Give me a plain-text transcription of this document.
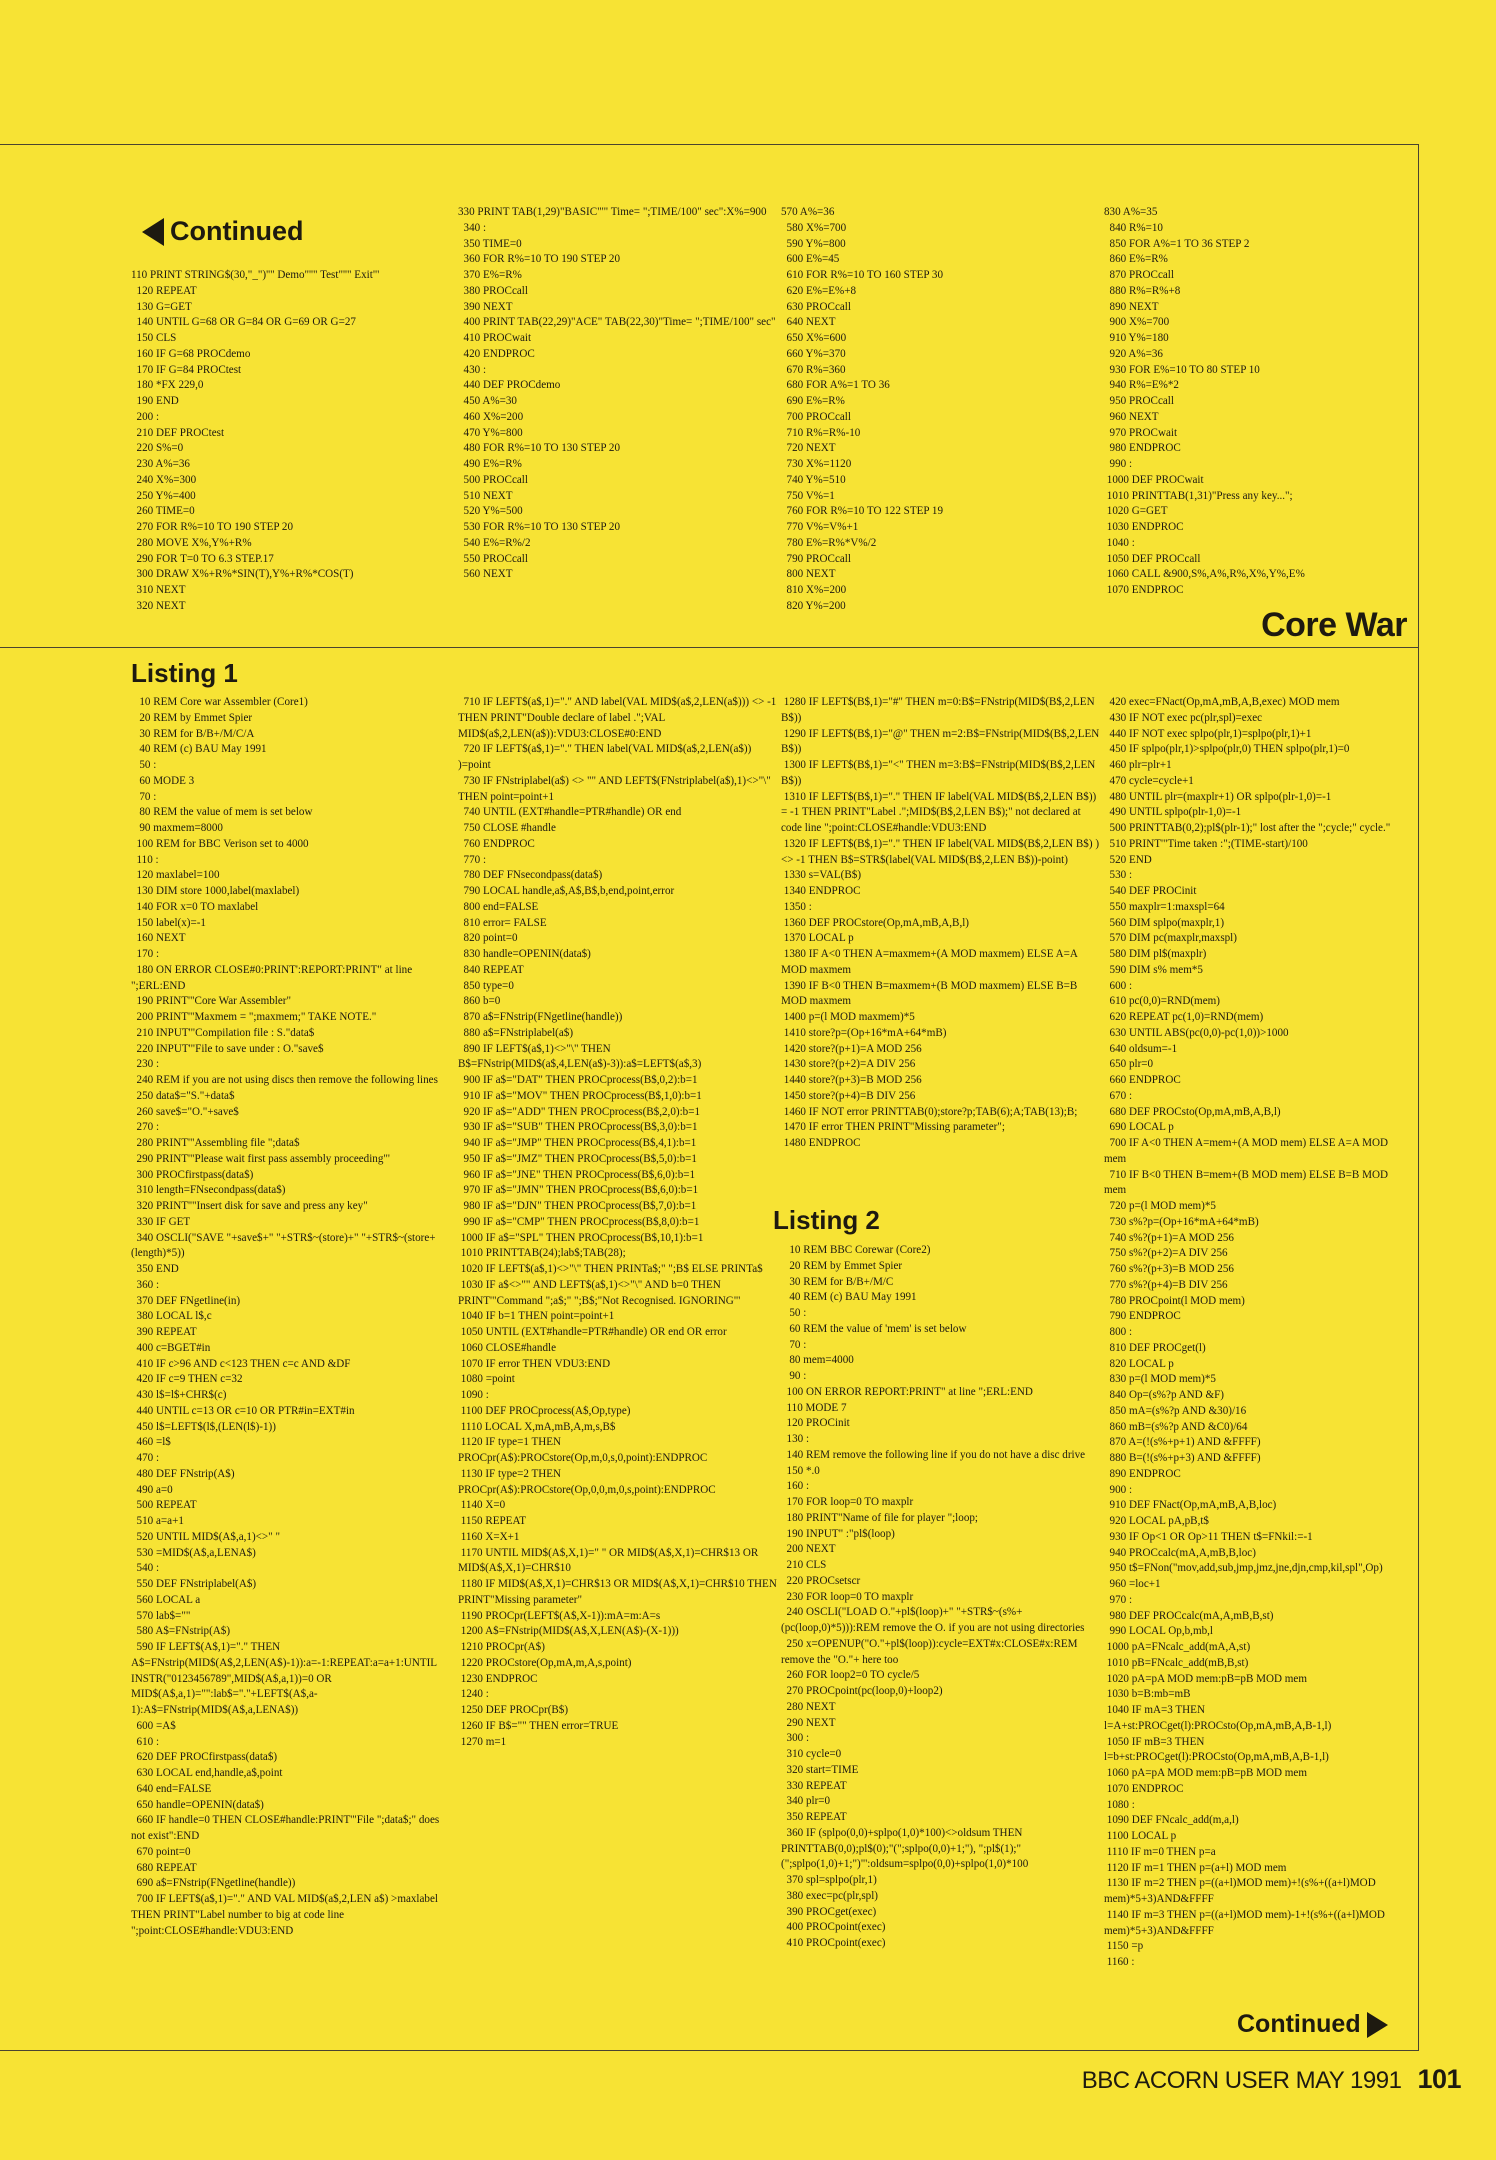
Continued
110 PRINT STRING$(30,"_")''" Demo"''" Test"''" Exit"'
120 REPEAT
130 G=GET
140 UNTIL G=68 OR G=84 OR G=69 OR G=27
150 CLS
160 IF G=68 PROCdemo
170 IF G=84 PROCtest
180 *FX 229,0
190 END
200 :
210 DEF PROCtest
220 S%=0
230 A%=36
240 X%=300
250 Y%=400
260 TIME=0
270 FOR R%=10 TO 190 STEP 20
280 MOVE X%,Y%+R%
290 FOR T=0 TO 6.3 STEP.17
300 DRAW X%+R%*SIN(T),Y%+R%*COS(T)
310 NEXT
320 NEXT
330 PRINT TAB(1,29)"BASIC"'" Time= ";TIME/100" sec":X%=900
340 :
350 TIME=0
360 FOR R%=10 TO 190 STEP 20
370 E%=R%
380 PROCcall
390 NEXT
400 PRINT TAB(22,29)"ACE" TAB(22,30)"Time= ";TIME/100" sec"
410 PROCwait
420 ENDPROC
430 :
440 DEF PROCdemo
450 A%=30
460 X%=200
470 Y%=800
480 FOR R%=10 TO 130 STEP 20
490 E%=R%
500 PROCcall
510 NEXT
520 Y%=500
530 FOR R%=10 TO 130 STEP 20
540 E%=R%/2
550 PROCcall
560 NEXT
570 A%=36
580 X%=700
590 Y%=800
600 E%=45
610 FOR R%=10 TO 160 STEP 30
620 E%=E%+8
630 PROCcall
640 NEXT
650 X%=600
660 Y%=370
670 R%=360
680 FOR A%=1 TO 36
690 E%=R%
700 PROCcall
710 R%=R%-10
720 NEXT
730 X%=1120
740 Y%=510
750 V%=1
760 FOR R%=10 TO 122 STEP 19
770 V%=V%+1
780 E%=R%*V%/2
790 PROCcall
800 NEXT
810 X%=200
820 Y%=200
830 A%=35
840 R%=10
850 FOR A%=1 TO 36 STEP 2
860 E%=R%
870 PROCcall
880 R%=R%+8
890 NEXT
900 X%=700
910 Y%=180
920 A%=36
930 FOR E%=10 TO 80 STEP 10
940 R%=E%*2
950 PROCcall
960 NEXT
970 PROCwait
980 ENDPROC
990 :
1000 DEF PROCwait
1010 PRINTTAB(1,31)"Press any key...";
1020 G=GET
1030 ENDPROC
1040 :
1050 DEF PROCcall
1060 CALL &900,S%,A%,R%,X%,Y%,E%
1070 ENDPROC
Core War
Listing 1
10 REM Core war Assembler (Core1)
20 REM by Emmet Spier
30 REM for B/B+/M/C/A
40 REM (c) BAU May 1991
50 :
60 MODE 3
70 :
80 REM the value of mem is set below
90 maxmem=8000
100 REM for BBC Verison set to 4000
110 :
120 maxlabel=100
130 DIM store 1000,label(maxlabel)
140 FOR x=0 TO maxlabel
150 label(x)=-1
160 NEXT
170 :
180 ON ERROR CLOSE#0:PRINT':REPORT:PRINT" at line ";ERL:END
190 PRINT'"Core War Assembler"
200 PRINT'"Maxmem = ";maxmem;" TAKE NOTE."
210 INPUT'"Compilation file : S."data$
220 INPUT'"File to save under : O."save$
230 :
240 REM if you are not using discs then remove the following lines
250 data$="S."+data$
260 save$="O."+save$
270 :
280 PRINT'"Assembling file ";data$
290 PRINT'"Please wait first pass assembly proceeding"'
300 PROCfirstpass(data$)
310 length=FNsecondpass(data$)
320 PRINT''"Insert disk for save and press any key"
330 IF GET
340 OSCLI("SAVE "+save$+" "+STR$~(store)+" "+STR$~(store+(length)*5))
350 END
360 :
370 DEF FNgetline(in)
380 LOCAL l$,c
390 REPEAT
400 c=BGET#in
410 IF c>96 AND c<123 THEN c=c AND &DF
420 IF c=9 THEN c=32
430 l$=l$+CHR$(c)
440 UNTIL c=13 OR c=10 OR PTR#in=EXT#in
450 l$=LEFT$(l$,(LEN(l$)-1))
460 =l$
470 :
480 DEF FNstrip(A$)
490 a=0
500 REPEAT
510 a=a+1
520 UNTIL MID$(A$,a,1)<>" "
530 =MID$(A$,a,LENA$)
540 :
550 DEF FNstriplabel(A$)
560 LOCAL a
570 lab$=""
580 A$=FNstrip(A$)
590 IF LEFT$(A$,1)="." THEN A$=FNstrip(MID$(A$,2,LEN(A$)-1)):a=-1:REPEAT:a=a+1:UNTIL INSTR("0123456789",MID$(A$,a,1))=0 OR MID$(A$,a,1)="":lab$="."+LEFT$(A$,a-1):A$=FNstrip(MID$(A$,a,LENA$))
600 =A$
610 :
620 DEF PROCfirstpass(data$)
630 LOCAL end,handle,a$,point
640 end=FALSE
650 handle=OPENIN(data$)
660 IF handle=0 THEN CLOSE#handle:PRINT'"File ";data$;" does not exist":END
670 point=0
680 REPEAT
690 a$=FNstrip(FNgetline(handle))
700 IF LEFT$(a$,1)="." AND VAL MID$(a$,2,LEN a$) >maxlabel THEN PRINT"Label number to big at code line ";point:CLOSE#handle:VDU3:END
710 IF LEFT$(a$,1)="." AND label(VAL MID$(a$,2,LEN(a$))) <> -1 THEN PRINT"Double declare of label .";VAL MID$(a$,2,LEN(a$)):VDU3:CLOSE#0:END
720 IF LEFT$(a$,1)="." THEN label(VAL MID$(a$,2,LEN(a$)) )=point
730 IF FNstriplabel(a$) <> "" AND LEFT$(FNstriplabel(a$),1)<>"\" THEN point=point+1
740 UNTIL (EXT#handle=PTR#handle) OR end
750 CLOSE #handle
760 ENDPROC
770 :
780 DEF FNsecondpass(data$)
790 LOCAL handle,a$,A$,B$,b,end,point,error
800 end=FALSE
810 error= FALSE
820 point=0
830 handle=OPENIN(data$)
840 REPEAT
850 type=0
860 b=0
870 a$=FNstrip(FNgetline(handle))
880 a$=FNstriplabel(a$)
890 IF LEFT$(a$,1)<>"\" THEN B$=FNstrip(MID$(a$,4,LEN(a$)-3)):a$=LEFT$(a$,3)
900 IF a$="DAT" THEN PROCprocess(B$,0,2):b=1
910 IF a$="MOV" THEN PROCprocess(B$,1,0):b=1
920 IF a$="ADD" THEN PROCprocess(B$,2,0):b=1
930 IF a$="SUB" THEN PROCprocess(B$,3,0):b=1
940 IF a$="JMP" THEN PROCprocess(B$,4,1):b=1
950 IF a$="JMZ" THEN PROCprocess(B$,5,0):b=1
960 IF a$="JNE" THEN PROCprocess(B$,6,0):b=1
970 IF a$="JMN" THEN PROCprocess(B$,6,0):b=1
980 IF a$="DJN" THEN PROCprocess(B$,7,0):b=1
990 IF a$="CMP" THEN PROCprocess(B$,8,0):b=1
1000 IF a$="SPL" THEN PROCprocess(B$,10,1):b=1
1010 PRINTTAB(24);lab$;TAB(28);
1020 IF LEFT$(a$,1)<>"\" THEN PRINTa$;" ";B$ ELSE PRINTa$
1030 IF a$<>"" AND LEFT$(a$,1)<>"\" AND b=0 THEN PRINT'"Command ";a$;" ";B$;"Not Recognised. IGNORING"'
1040 IF b=1 THEN point=point+1
1050 UNTIL (EXT#handle=PTR#handle) OR end OR error
1060 CLOSE#handle
1070 IF error THEN VDU3:END
1080 =point
1090 :
1100 DEF PROCprocess(A$,Op,type)
1110 LOCAL X,mA,mB,A,m,s,B$
1120 IF type=1 THEN PROCpr(A$):PROCstore(Op,m,0,s,0,point):ENDPROC
1130 IF type=2 THEN PROCpr(A$):PROCstore(Op,0,0,m,0,s,point):ENDPROC
1140 X=0
1150 REPEAT
1160 X=X+1
1170 UNTIL MID$(A$,X,1)=" " OR MID$(A$,X,1)=CHR$13 OR MID$(A$,X,1)=CHR$10
1180 IF MID$(A$,X,1)=CHR$13 OR MID$(A$,X,1)=CHR$10 THEN PRINT"Missing parameter"
1190 PROCpr(LEFT$(A$,X-1)):mA=m:A=s
1200 A$=FNstrip(MID$(A$,X,LEN(A$)-(X-1)))
1210 PROCpr(A$)
1220 PROCstore(Op,mA,m,A,s,point)
1230 ENDPROC
1240 :
1250 DEF PROCpr(B$)
1260 IF B$="" THEN error=TRUE
1270 m=1
1280 IF LEFT$(B$,1)="#" THEN m=0:B$=FNstrip(MID$(B$,2,LEN B$))
1290 IF LEFT$(B$,1)="@" THEN m=2:B$=FNstrip(MID$(B$,2,LEN B$))
1300 IF LEFT$(B$,1)="<" THEN m=3:B$=FNstrip(MID$(B$,2,LEN B$))
1310 IF LEFT$(B$,1)="." THEN IF label(VAL MID$(B$,2,LEN B$)) = -1 THEN PRINT"Label .";MID$(B$,2,LEN B$);" not declared at code line ";point:CLOSE#handle:VDU3:END
1320 IF LEFT$(B$,1)="." THEN IF label(VAL MID$(B$,2,LEN B$) ) <> -1 THEN B$=STR$(label(VAL MID$(B$,2,LEN B$))-point)
1330 s=VAL(B$)
1340 ENDPROC
1350 :
1360 DEF PROCstore(Op,mA,mB,A,B,l)
1370 LOCAL p
1380 IF A<0 THEN A=maxmem+(A MOD maxmem) ELSE A=A MOD maxmem
1390 IF B<0 THEN B=maxmem+(B MOD maxmem) ELSE B=B MOD maxmem
1400 p=(l MOD maxmem)*5
1410 store?p=(Op+16*mA+64*mB)
1420 store?(p+1)=A MOD 256
1430 store?(p+2)=A DIV 256
1440 store?(p+3)=B MOD 256
1450 store?(p+4)=B DIV 256
1460 IF NOT error PRINTTAB(0);store?p;TAB(6);A;TAB(13);B;
1470 IF error THEN PRINT"Missing parameter";
1480 ENDPROC
420 exec=FNact(Op,mA,mB,A,B,exec) MOD mem
430 IF NOT exec pc(plr,spl)=exec
440 IF NOT exec splpo(plr,1)=splpo(plr,1)+1
450 IF splpo(plr,1)>splpo(plr,0) THEN splpo(plr,1)=0
460 plr=plr+1
470 cycle=cycle+1
480 UNTIL plr=(maxplr+1) OR splpo(plr-1,0)=-1
490 UNTIL splpo(plr-1,0)=-1
500 PRINTTAB(0,2);pl$(plr-1);" lost after the ";cycle;" cycle."
510 PRINT'"Time taken :";(TIME-start)/100
520 END
530 :
540 DEF PROCinit
550 maxplr=1:maxspl=64
560 DIM splpo(maxplr,1)
570 DIM pc(maxplr,maxspl)
580 DIM pl$(maxplr)
590 DIM s% mem*5
600 :
610 pc(0,0)=RND(mem)
620 REPEAT pc(1,0)=RND(mem)
630 UNTIL ABS(pc(0,0)-pc(1,0))>1000
640 oldsum=-1
650 plr=0
660 ENDPROC
670 :
680 DEF PROCsto(Op,mA,mB,A,B,l)
690 LOCAL p
700 IF A<0 THEN A=mem+(A MOD mem) ELSE A=A MOD mem
710 IF B<0 THEN B=mem+(B MOD mem) ELSE B=B MOD mem
720 p=(l MOD mem)*5
730 s%?p=(Op+16*mA+64*mB)
740 s%?(p+1)=A MOD 256
750 s%?(p+2)=A DIV 256
760 s%?(p+3)=B MOD 256
770 s%?(p+4)=B DIV 256
780 PROCpoint(l MOD mem)
790 ENDPROC
800 :
810 DEF PROCget(l)
820 LOCAL p
830 p=(l MOD mem)*5
840 Op=(s%?p AND &F)
850 mA=(s%?p AND &30)/16
860 mB=(s%?p AND &C0)/64
870 A=(!(s%+p+1) AND &FFFF)
880 B=(!(s%+p+3) AND &FFFF)
890 ENDPROC
900 :
910 DEF FNact(Op,mA,mB,A,B,loc)
920 LOCAL pA,pB,t$
930 IF Op<1 OR Op>11 THEN t$=FNkil:=-1
940 PROCcalc(mA,A,mB,B,loc)
950 t$=FNon("mov,add,sub,jmp,jmz,jne,djn,cmp,kil,spl",Op)
960 =loc+1
970 :
980 DEF PROCcalc(mA,A,mB,B,st)
990 LOCAL Op,b,mb,l
1000 pA=FNcalc_add(mA,A,st)
1010 pB=FNcalc_add(mB,B,st)
1020 pA=pA MOD mem:pB=pB MOD mem
1030 b=B:mb=mB
1040 IF mA=3 THEN l=A+st:PROCget(l):PROCsto(Op,mA,mB,A,B-1,l)
1050 IF mB=3 THEN l=b+st:PROCget(l):PROCsto(Op,mA,mB,A,B-1,l)
1060 pA=pA MOD mem:pB=pB MOD mem
1070 ENDPROC
1080 :
1090 DEF FNcalc_add(m,a,l)
1100 LOCAL p
1110 IF m=0 THEN p=a
1120 IF m=1 THEN p=(a+l) MOD mem
1130 IF m=2 THEN p=((a+l)MOD mem)+!(s%+((a+l)MOD mem)*5+3)AND&FFFF
1140 IF m=3 THEN p=((a+l)MOD mem)-1+!(s%+((a+l)MOD mem)*5+3)AND&FFFF
1150 =p
1160 :
Listing 2
10 REM BBC Corewar (Core2)
20 REM by Emmet Spier
30 REM for B/B+/M/C
40 REM (c) BAU May 1991
50 :
60 REM the value of 'mem' is set below
70 :
80 mem=4000
90 :
100 ON ERROR REPORT:PRINT" at line ";ERL:END
110 MODE 7
120 PROCinit
130 :
140 REM remove the following line if you do not have a disc drive
150 *.0
160 :
170 FOR loop=0 TO maxplr
180 PRINT"Name of file for player ";loop;
190 INPUT" :"pl$(loop)
200 NEXT
210 CLS
220 PROCsetscr
230 FOR loop=0 TO maxplr
240 OSCLI("LOAD O."+pl$(loop)+" "+STR$~(s%+(pc(loop,0)*5))):REM remove the O. if you are not using directories
250 x=OPENUP("O."+pl$(loop)):cycle=EXT#x:CLOSE#x:REM remove the "O."+ here too
260 FOR loop2=0 TO cycle/5
270 PROCpoint(pc(loop,0)+loop2)
280 NEXT
290 NEXT
300 :
310 cycle=0
320 start=TIME
330 REPEAT
340 plr=0
350 REPEAT
360 IF (splpo(0,0)+splpo(1,0)*100)<>oldsum THEN PRINTTAB(0,0);pl$(0);"(";splpo(0,0)+1;"), ";pl$(1);"(";splpo(1,0)+1;")"':oldsum=splpo(0,0)+splpo(1,0)*100
370 spl=splpo(plr,1)
380 exec=pc(plr,spl)
390 PROCget(exec)
400 PROCpoint(exec)
410 PROCpoint(exec)
Continued
BBC ACORN USER MAY 1991 101
